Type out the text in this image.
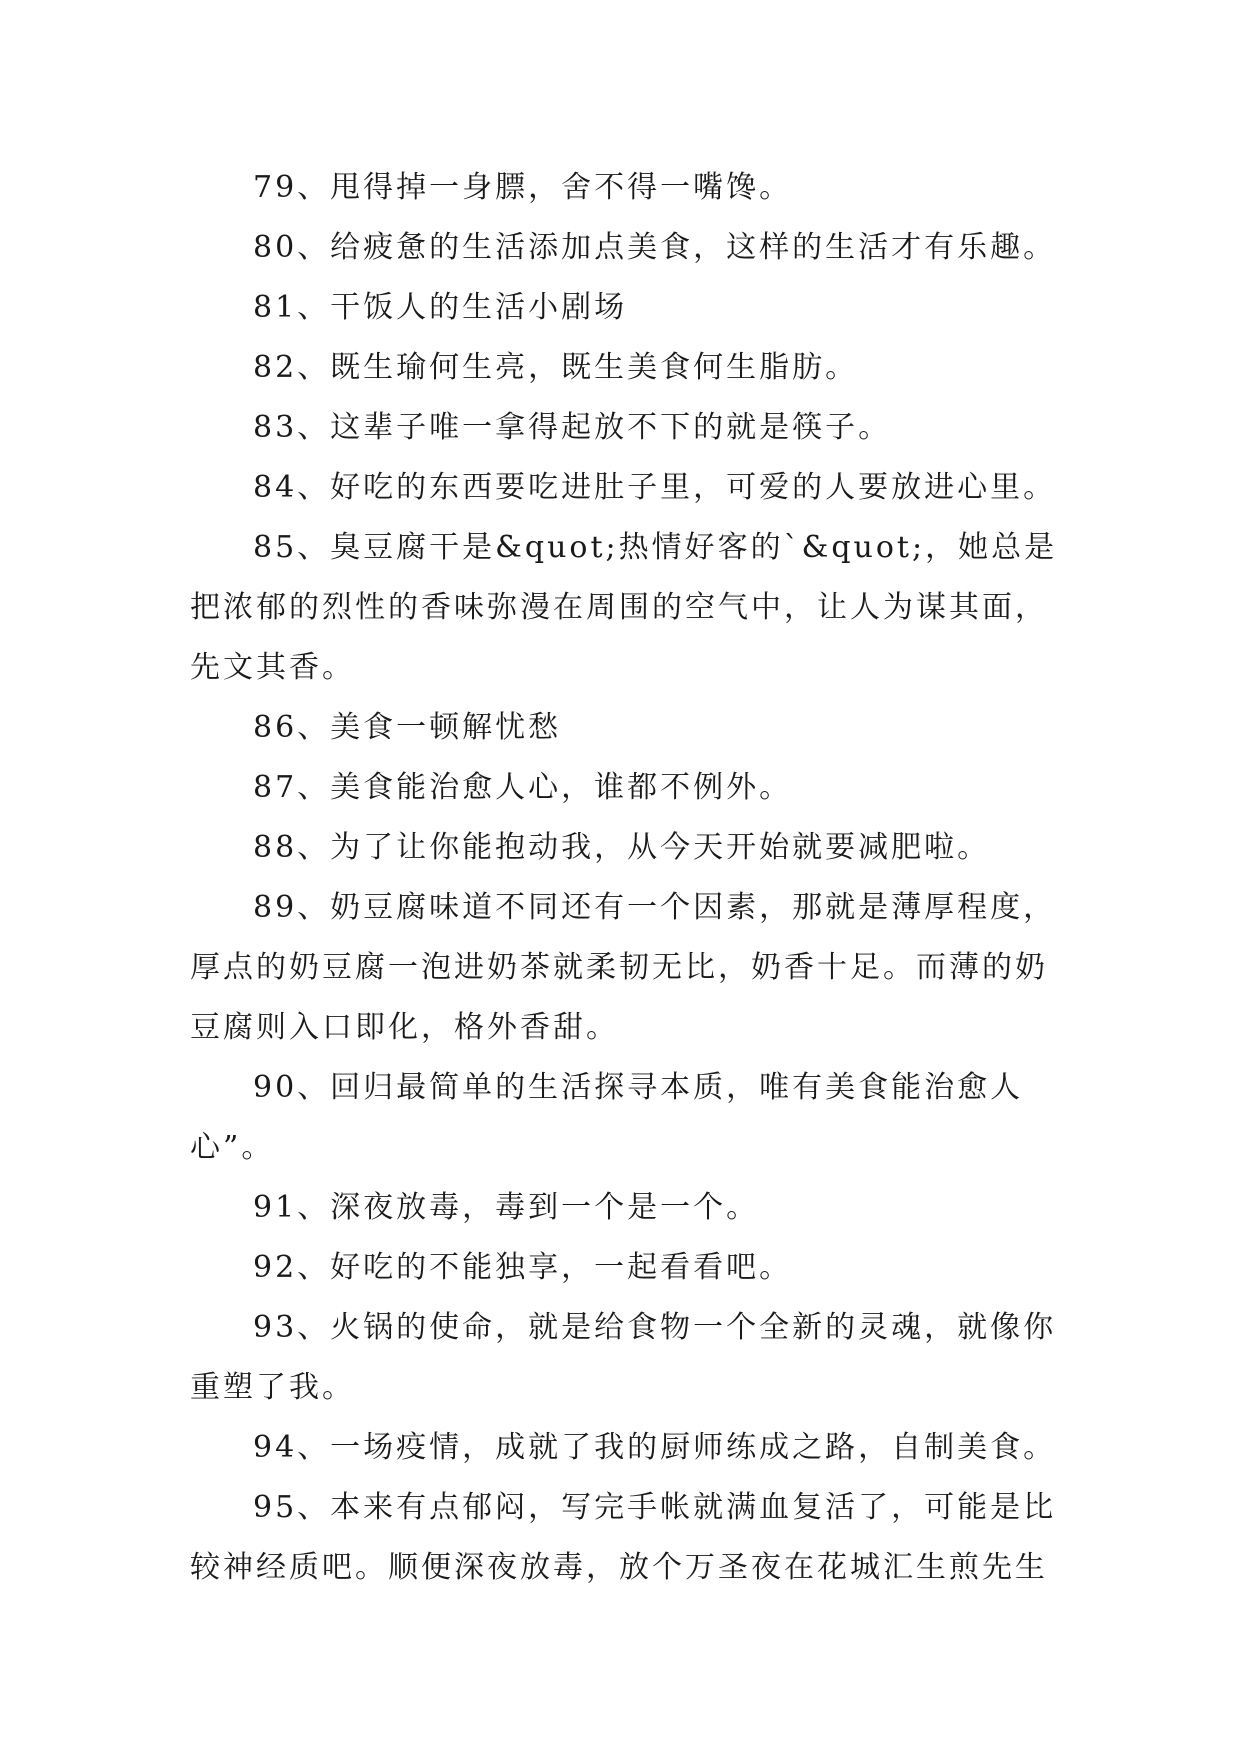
79、甩得掉一身膘，舍不得一嘴馋。

80、给疲惫的生活添加点美食，这样的生活才有乐趣。

81、干饭人的生活小剧场

82、既生瑜何生亮，既生美食何生脂肪。

83、这辈子唯一拿得起放不下的就是筷子。

84、好吃的东西要吃进肚子里，可爱的人要放进心里。

85、臭豆腐干是&quot;热情好客的`&quot;，她总是把浓郁的烈性的香味弥漫在周围的空气中，让人为谋其面，先文其香。

86、美食一顿解忧愁

87、美食能治愈人心，谁都不例外。

88、为了让你能抱动我，从今天开始就要减肥啦。

89、奶豆腐味道不同还有一个因素，那就是薄厚程度，厚点的奶豆腐一泡进奶茶就柔韧无比，奶香十足。而薄的奶豆腐则入口即化，格外香甜。

90、回归最简单的生活探寻本质，唯有美食能治愈人心”。

91、深夜放毒，毒到一个是一个。

92、好吃的不能独享，一起看看吧。

93、火锅的使命，就是给食物一个全新的灵魂，就像你重塑了我。

94、一场疫情，成就了我的厨师练成之路，自制美食。

95、本来有点郁闷，写完手帐就满血复活了，可能是比较神经质吧。顺便深夜放毒，放个万圣夜在花城汇生煎先生
